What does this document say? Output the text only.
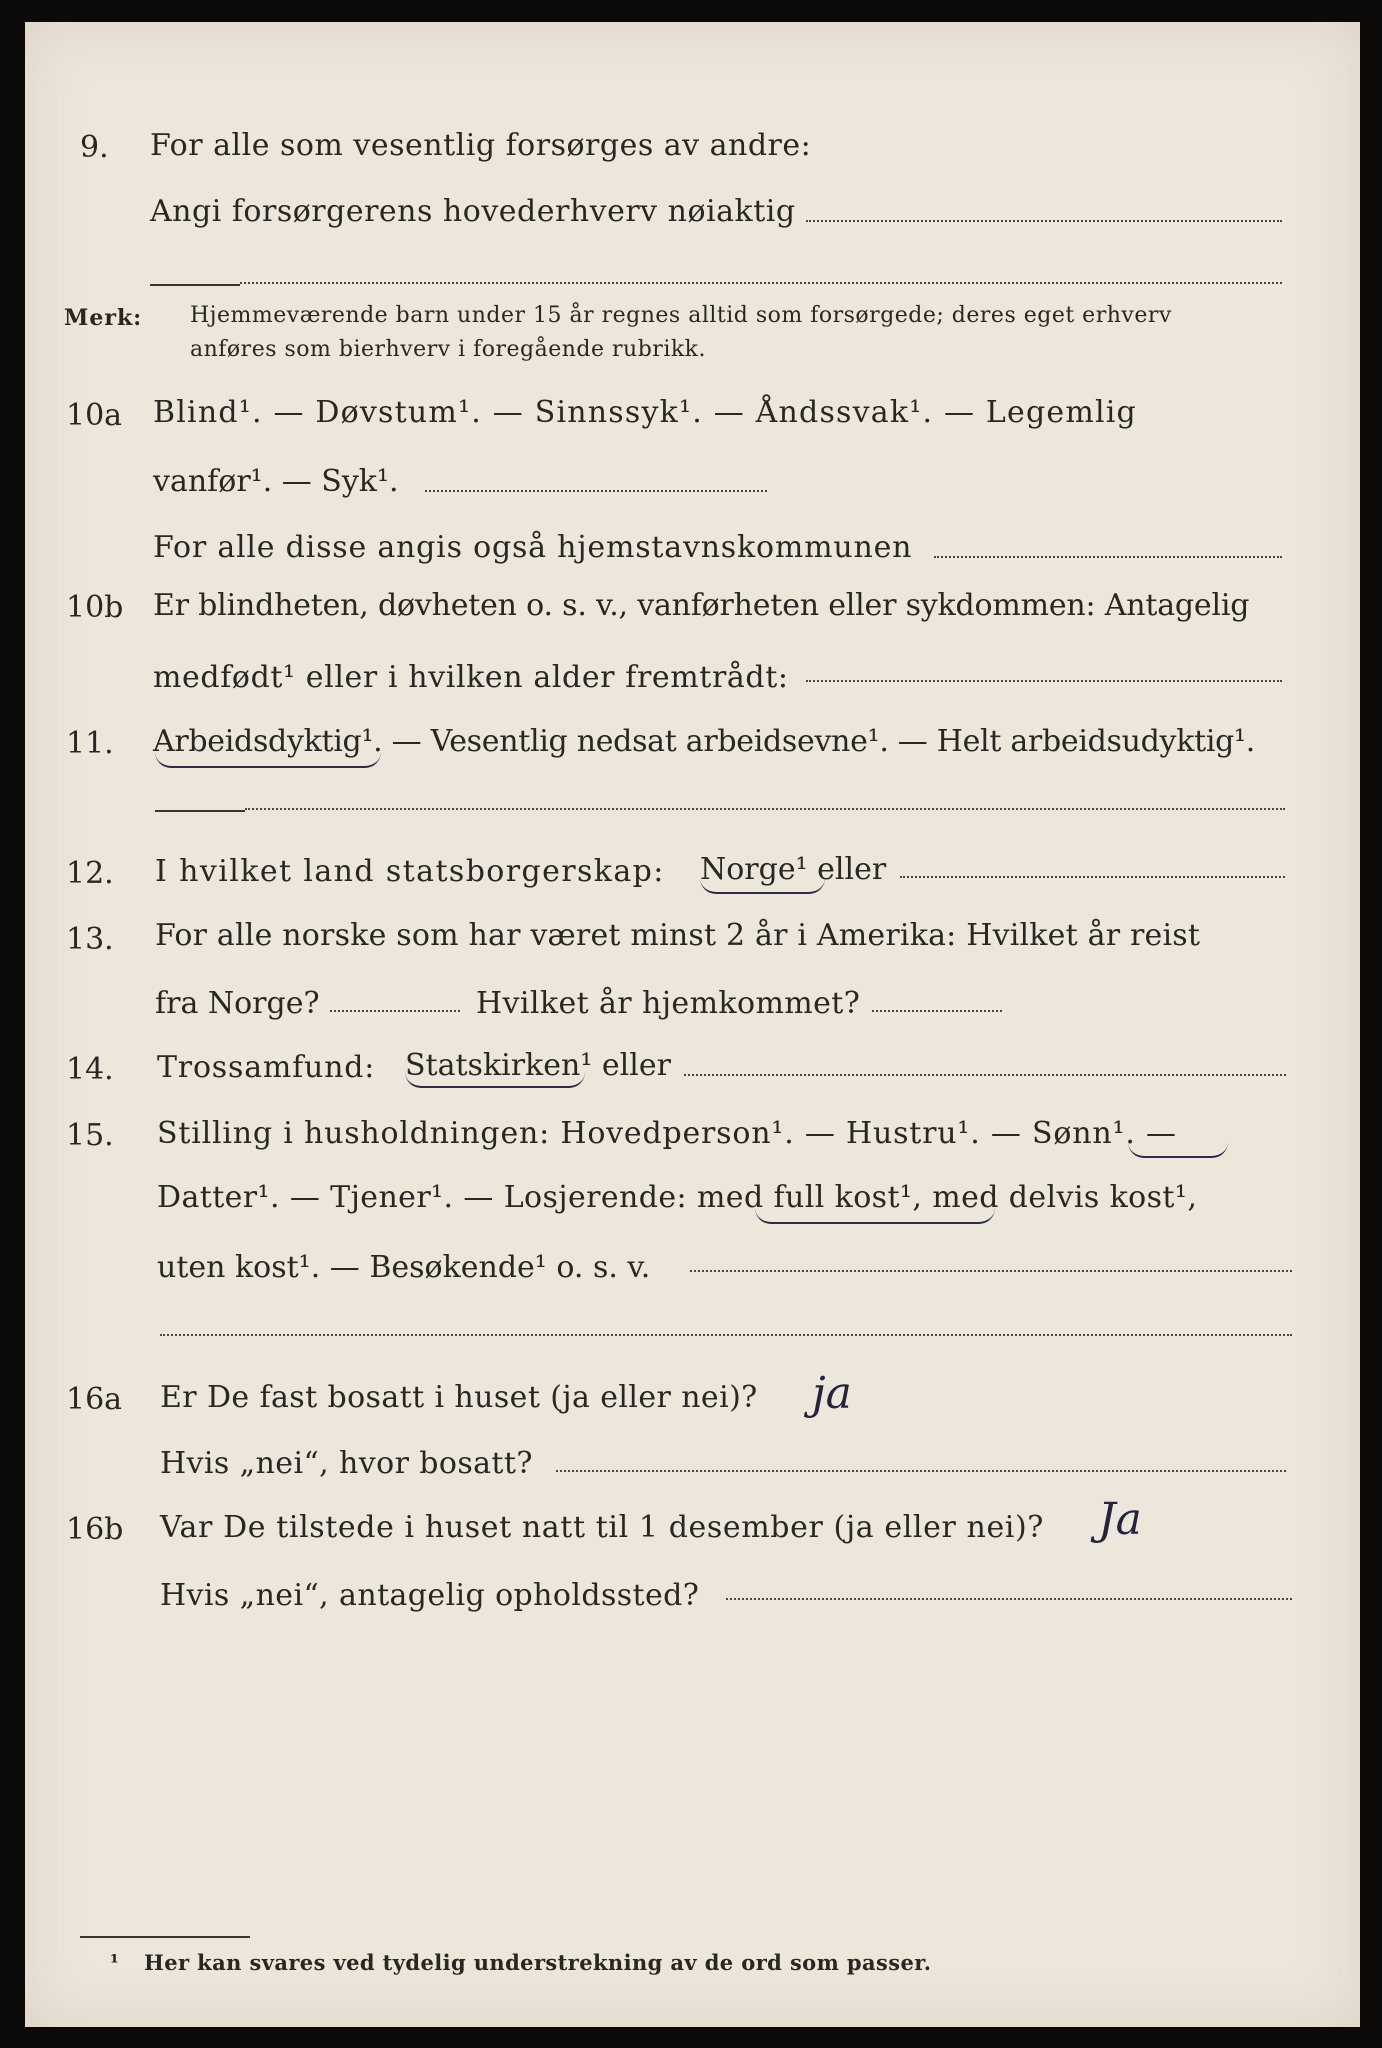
9. For alle som vesentlig forsørges av andre:
Angi forsørgerens hovederhverv nøiaktig
Merk: Hjemmeværende barn under 15 år regnes alltid som forsørgede; deres eget erhverv
anføres som bierhverv i foregående rubrikk.
10a Blind¹. — Døvstum¹. — Sinnssyk¹. — Åndssvak¹. — Legemlig
vanfør¹. — Syk¹.
For alle disse angis også hjemstavnskommunen
10b Er blindheten, døvheten o. s. v., vanførheten eller sykdommen: Antagelig
medfødt¹ eller i hvilken alder fremtrådt:
11. Arbeidsdyktig¹. — Vesentlig nedsat arbeidsevne¹. — Helt arbeidsudyktig¹.
12. I hvilket land statsborgerskap: Norge¹ eller
13. For alle norske som har været minst 2 år i Amerika: Hvilket år reist
fra Norge?	Hvilket år hjemkommet?
14. Trossamfund: Statskirken¹ eller
15. Stilling i husholdningen: Hovedperson¹. — Hustru¹. — Sønn¹. —
Datter¹. — Tjener¹. — Losjerende: med full kost¹, med delvis kost¹,
uten kost¹. — Besøkende¹ o. s. v.
16a Er De fast bosatt i huset (ja eller nei)? ja
Hvis „nei“, hvor bosatt?
16b Var De tilstede i huset natt til 1 desember (ja eller nei)? Ja
Hvis „nei“, antagelig opholdssted?
¹ Her kan svares ved tydelig understrekning av de ord som passer.
